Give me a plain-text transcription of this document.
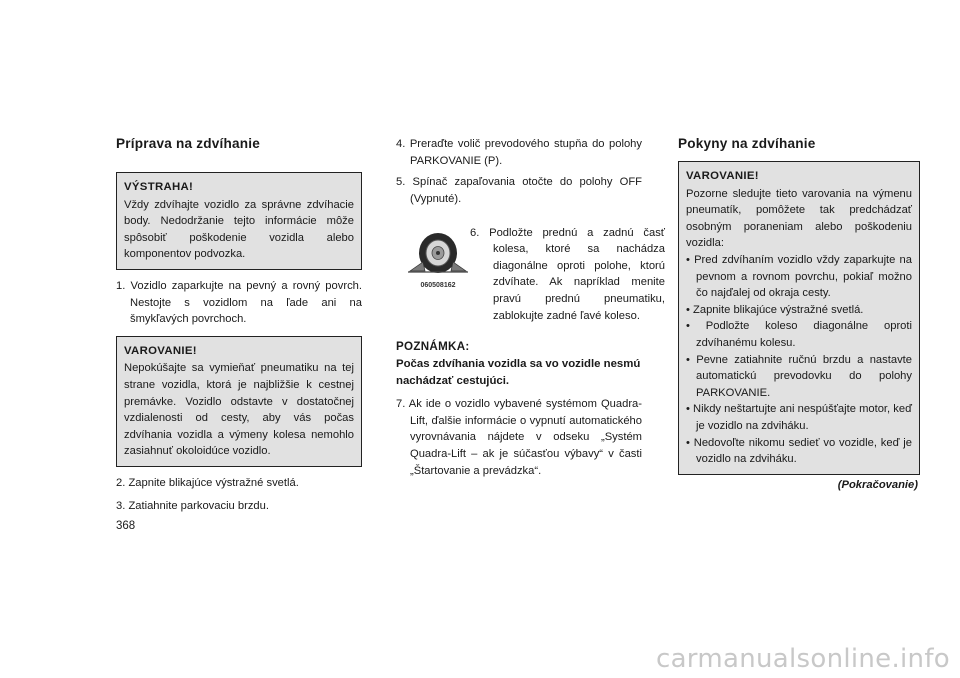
Príprava na zdvíhanie
VÝSTRAHA!
Vždy zdvíhajte vozidlo za správne zdvíhacie body. Nedodržanie tejto informácie môže spôsobiť poškodenie vozidla alebo komponentov podvozka.

1. Vozidlo zaparkujte na pevný a rovný povrch. Nestojte s vozidlom na ľade ani na šmykľavých povrchoch.

VAROVANIE!
Nepokúšajte sa vymieňať pneumatiku na tej strane vozidla, ktorá je najbližšie k cestnej premávke. Vozidlo odstavte v dostatočnej vzdialenosti od cesty, aby vás počas zdvíhania vozidla a výmeny kolesa nemohlo zasiahnuť okoloidúce vozidlo.

2. Zapnite blikajúce výstražné svetlá.

3. Zatiahnite parkovaciu brzdu.

4. Preraďte volič prevodového stupňa do polohy PARKOVANIE (P).

5. Spínač zapaľovania otočte do polohy OFF (Vypnuté).

060508162

6. Podložte prednú a zadnú časť kolesa, ktoré sa nachádza diagonálne oproti polohe, ktorú zdvíhate. Ak napríklad menite pravú prednú pneumatiku, zablokujte zadné ľavé koleso.

POZNÁMKA:
Počas zdvíhania vozidla sa vo vozidle nesmú nachádzať cestujúci.

7. Ak ide o vozidlo vybavené systémom Quadra-Lift, ďalšie informácie o vypnutí automatického vyrovnávania nájdete v odseku „Systém Quadra-Lift – ak je súčasťou výbavy“ v časti „Štartovanie a prevádzka“.

Pokyny na zdvíhanie
VAROVANIE!
Pozorne sledujte tieto varovania na výmenu pneumatík, pomôžete tak predchádzať osobným poraneniam alebo poškodeniu vozidla:
• Pred zdvíhaním vozidlo vždy zaparkujte na pevnom a rovnom povrchu, pokiaľ možno čo najďalej od okraja cesty.
• Zapnite blikajúce výstražné svetlá.
• Podložte koleso diagonálne oproti zdvíhanému kolesu.
• Pevne zatiahnite ručnú brzdu a nastavte automatickú prevodovku do polohy PARKOVANIE.
• Nikdy neštartujte ani nespúšťajte motor, keď je vozidlo na zdviháku.
• Nedovoľte nikomu sedieť vo vozidle, keď je vozidlo na zdviháku.
(Pokračovanie)
368
carmanualsonline.info
